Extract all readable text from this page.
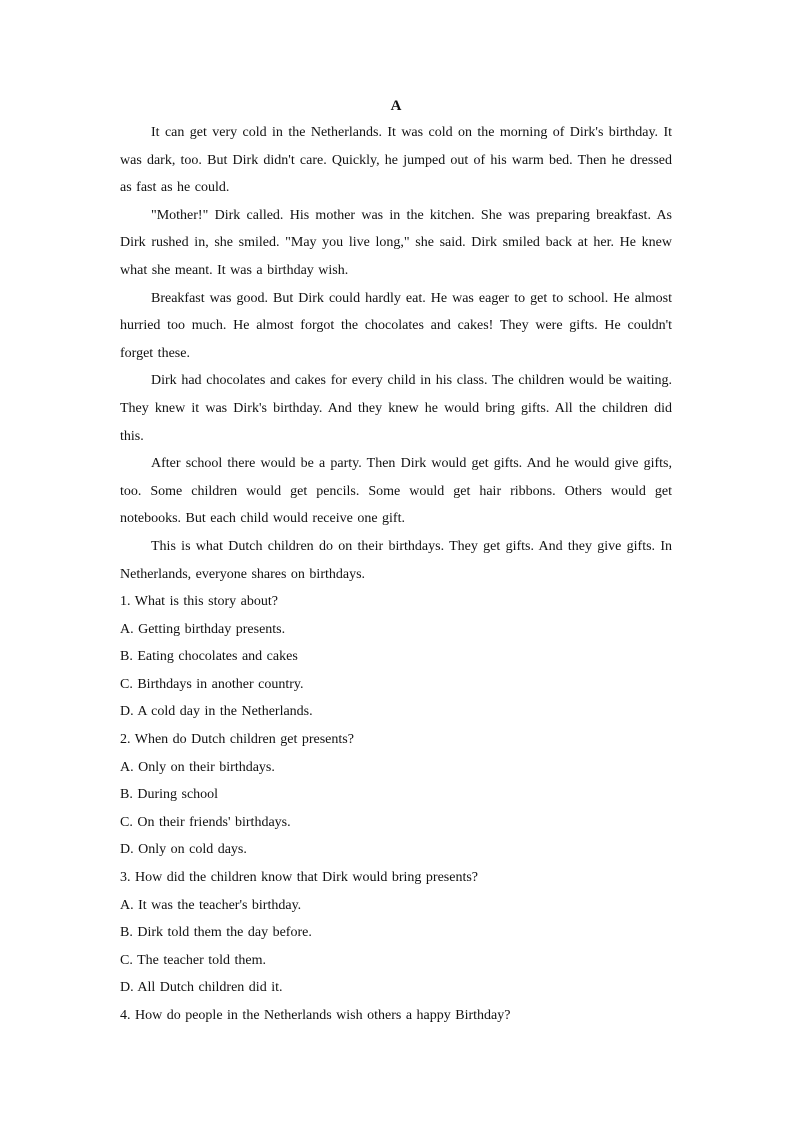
A

It can get very cold in the Netherlands. It was cold on the morning of Dirk's birthday. It was dark, too. But Dirk didn't care. Quickly, he jumped out of his warm bed. Then he dressed as fast as he could.

"Mother!" Dirk called. His mother was in the kitchen. She was preparing breakfast. As Dirk rushed in, she smiled. "May you live long," she said. Dirk smiled back at her. He knew what she meant. It was a birthday wish.

Breakfast was good. But Dirk could hardly eat. He was eager to get to school. He almost hurried too much. He almost forgot the chocolates and cakes! They were gifts. He couldn't forget these.

Dirk had chocolates and cakes for every child in his class. The children would be waiting. They knew it was Dirk's birthday. And they knew he would bring gifts. All the children did this.

After school there would be a party. Then Dirk would get gifts. And he would give gifts, too. Some children would get pencils. Some would get hair ribbons. Others would get notebooks. But each child would receive one gift.

This is what Dutch children do on their birthdays. They get gifts. And they give gifts. In Netherlands, everyone shares on birthdays.

1. What is this story about?

A. Getting birthday presents.

B. Eating chocolates and cakes

C. Birthdays in another country.

D. A cold day in the Netherlands.

2. When do Dutch children get presents?

A. Only on their birthdays.

B. During school

C. On their friends' birthdays.

D. Only on cold days.

3. How did the children know that Dirk would bring presents?

A. It was the teacher's birthday.

B. Dirk told them the day before.

C. The teacher told them.

D. All Dutch children did it.

4. How do people in the Netherlands wish others a happy Birthday?
